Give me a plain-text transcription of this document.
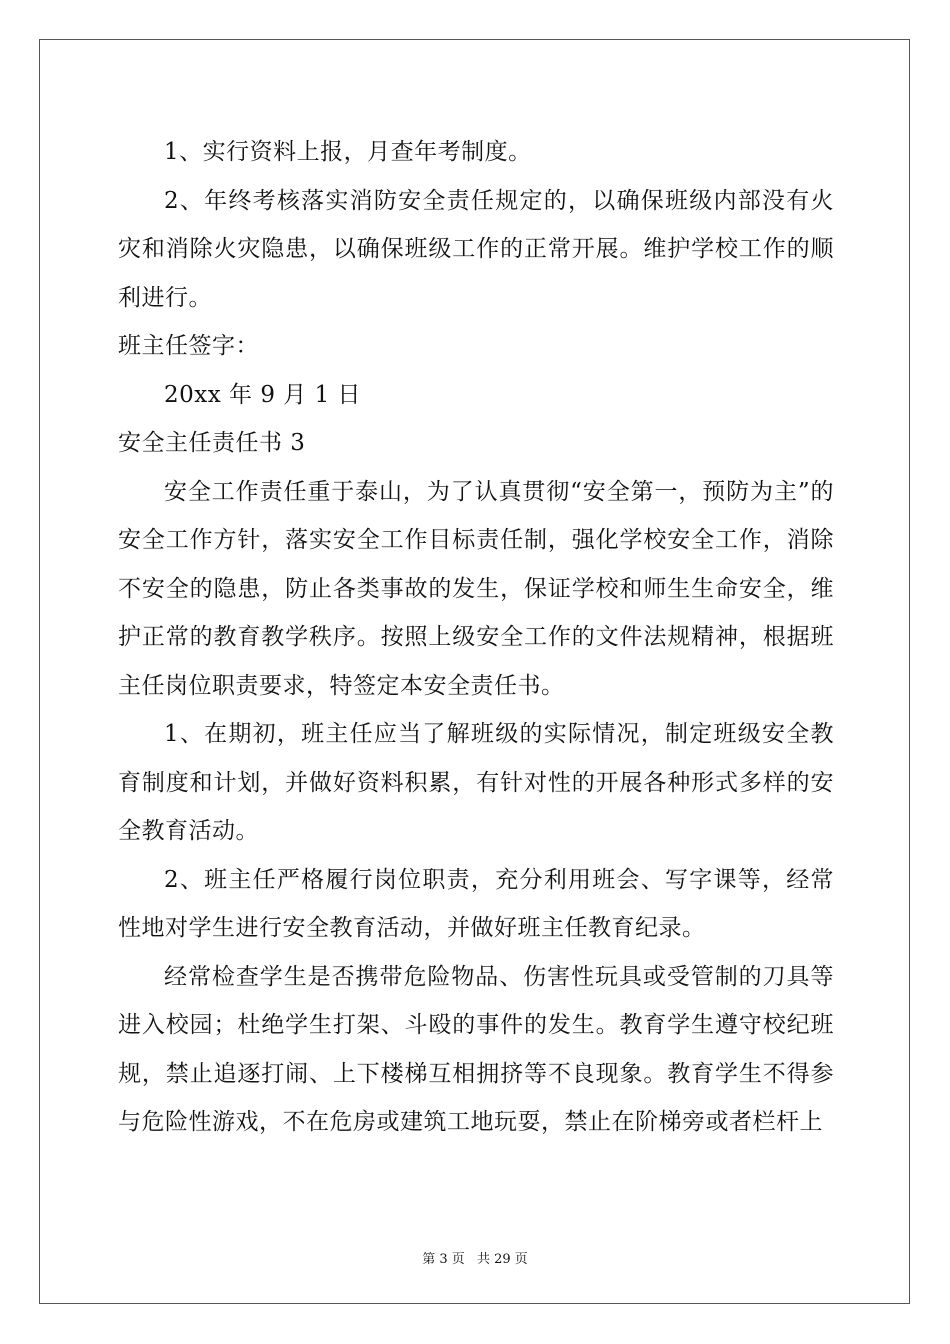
1、实行资料上报，月查年考制度。

2、年终考核落实消防安全责任规定的，以确保班级内部没有火灾和消除火灾隐患，以确保班级工作的正常开展。维护学校工作的顺利进行。

班主任签字：

20xx 年 9 月 1 日

安全主任责任书 3

安全工作责任重于泰山，为了认真贯彻“安全第一，预防为主”的安全工作方针，落实安全工作目标责任制，强化学校安全工作，消除不安全的隐患，防止各类事故的发生，保证学校和师生生命安全，维护正常的教育教学秩序。按照上级安全工作的文件法规精神，根据班主任岗位职责要求，特签定本安全责任书。

1、在期初，班主任应当了解班级的实际情况，制定班级安全教育制度和计划，并做好资料积累，有针对性的开展各种形式多样的安全教育活动。

2、班主任严格履行岗位职责，充分利用班会、写字课等，经常性地对学生进行安全教育活动，并做好班主任教育纪录。

经常检查学生是否携带危险物品、伤害性玩具或受管制的刀具等进入校园；杜绝学生打架、斗殴的事件的发生。教育学生遵守校纪班规，禁止追逐打闹、上下楼梯互相拥挤等不良现象。教育学生不得参与危险性游戏，不在危房或建筑工地玩耍，禁止在阶梯旁或者栏杆上

第 3 页 共 29 页
